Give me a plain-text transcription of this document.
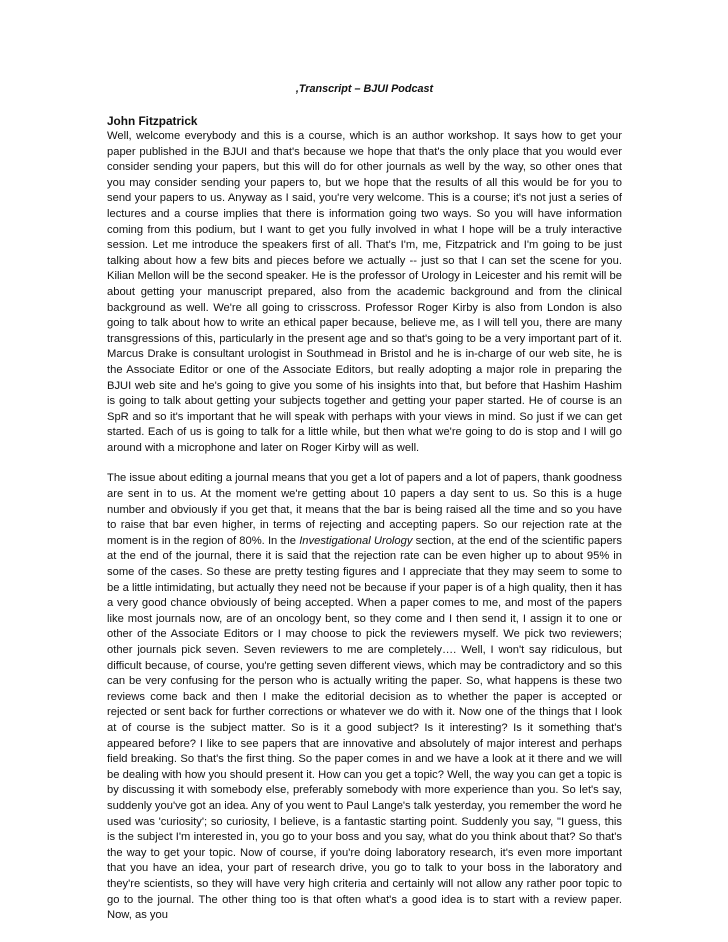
,Transcript – BJUI Podcast
John Fitzpatrick

Well, welcome everybody and this is a course, which is an author workshop. It says how to get your paper published in the BJUI and that's because we hope that that's the only place that you would ever consider sending your papers, but this will do for other journals as well by the way, so other ones that you may consider sending your papers to, but we hope that the results of all this would be for you to send your papers to us. Anyway as I said, you're very welcome. This is a course; it's not just a series of lectures and a course implies that there is information going two ways. So you will have information coming from this podium, but I want to get you fully involved in what I hope will be a truly interactive session. Let me introduce the speakers first of all. That's I'm, me, Fitzpatrick and I'm going to be just talking about how a few bits and pieces before we actually -- just so that I can set the scene for you. Kilian Mellon will be the second speaker. He is the professor of Urology in Leicester and his remit will be about getting your manuscript prepared, also from the academic background and from the clinical background as well. We're all going to crisscross. Professor Roger Kirby is also from London is also going to talk about how to write an ethical paper because, believe me, as I will tell you, there are many transgressions of this, particularly in the present age and so that's going to be a very important part of it. Marcus Drake is consultant urologist in Southmead in Bristol and he is in-charge of our web site, he is the Associate Editor or one of the Associate Editors, but really adopting a major role in preparing the BJUI web site and he's going to give you some of his insights into that, but before that Hashim Hashim is going to talk about getting your subjects together and getting your paper started. He of course is an SpR and so it's important that he will speak with perhaps with your views in mind. So just if we can get started. Each of us is going to talk for a little while, but then what we're going to do is stop and I will go around with a microphone and later on Roger Kirby will as well.

The issue about editing a journal means that you get a lot of papers and a lot of papers, thank goodness are sent in to us. At the moment we're getting about 10 papers a day sent to us. So this is a huge number and obviously if you get that, it means that the bar is being raised all the time and so you have to raise that bar even higher, in terms of rejecting and accepting papers. So our rejection rate at the moment is in the region of 80%. In the Investigational Urology section, at the end of the scientific papers at the end of the journal, there it is said that the rejection rate can be even higher up to about 95% in some of the cases. So these are pretty testing figures and I appreciate that they may seem to some to be a little intimidating, but actually they need not be because if your paper is of a high quality, then it has a very good chance obviously of being accepted. When a paper comes to me, and most of the papers like most journals now, are of an oncology bent, so they come and I then send it, I assign it to one or other of the Associate Editors or I may choose to pick the reviewers myself. We pick two reviewers; other journals pick seven. Seven reviewers to me are completely…. Well, I won't say ridiculous, but difficult because, of course, you're getting seven different views, which may be contradictory and so this can be very confusing for the person who is actually writing the paper. So, what happens is these two reviews come back and then I make the editorial decision as to whether the paper is accepted or rejected or sent back for further corrections or whatever we do with it. Now one of the things that I look at of course is the subject matter. So is it a good subject? Is it interesting? Is it something that's appeared before? I like to see papers that are innovative and absolutely of major interest and perhaps field breaking. So that's the first thing. So the paper comes in and we have a look at it there and we will be dealing with how you should present it. How can you get a topic? Well, the way you can get a topic is by discussing it with somebody else, preferably somebody with more experience than you. So let's say, suddenly you've got an idea. Any of you went to Paul Lange's talk yesterday, you remember the word he used was 'curiosity'; so curiosity, I believe, is a fantastic starting point. Suddenly you say, "I guess, this is the subject I'm interested in, you go to your boss and you say, what do you think about that? So that's the way to get your topic. Now of course, if you're doing laboratory research, it's even more important that you have an idea, your part of research drive, you go to talk to your boss in the laboratory and they're scientists, so they will have very high criteria and certainly will not allow any rather poor topic to go to the journal. The other thing too is that often what's a good idea is to start with a review paper. Now, as you
